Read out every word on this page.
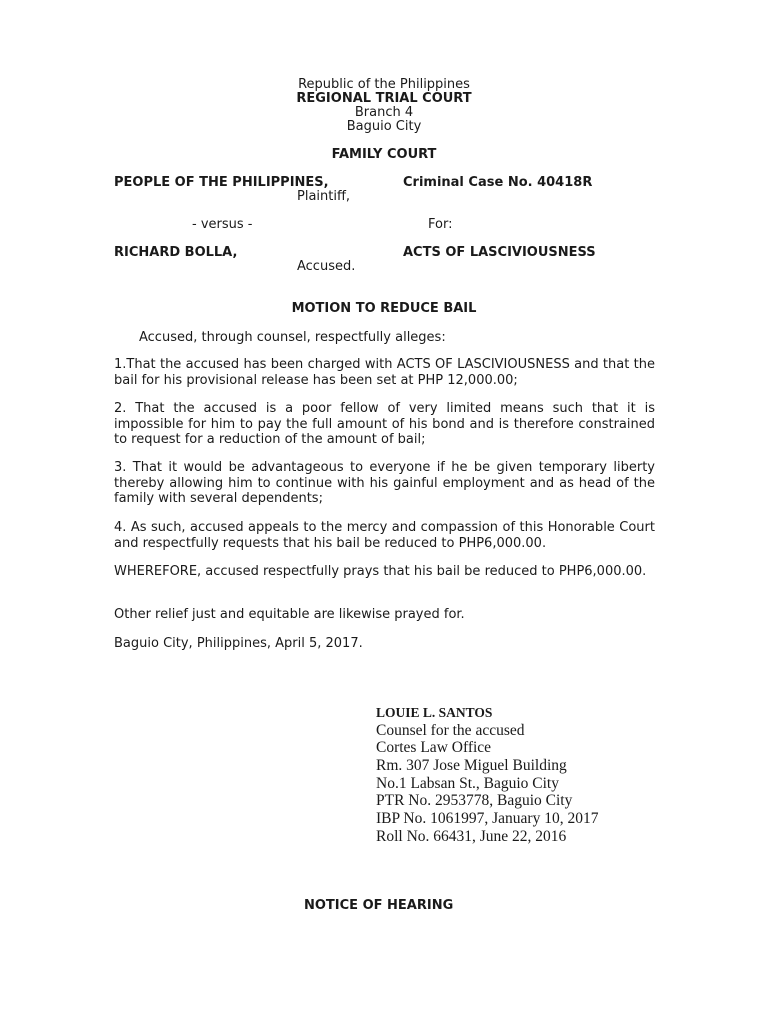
Republic of the Philippines
REGIONAL TRIAL COURT
Branch 4
Baguio City
FAMILY COURT
PEOPLE OF THE PHILIPPINES,
Plaintiff,
Criminal Case No. 40418R
- versus -	For:
RICHARD BOLLA,
Accused.
ACTS OF LASCIVIOUSNESS
MOTION TO REDUCE BAIL
Accused, through counsel, respectfully alleges:
1.That the accused has been charged with ACTS OF LASCIVIOUSNESS and that the bail for his provisional release has been set at PHP 12,000.00;
2. That the accused is a poor fellow of very limited means such that it is impossible for him to pay the full amount of his bond and is therefore constrained to request for a reduction of the amount of bail;
3. That it would be advantageous to everyone if he be given temporary liberty thereby allowing him to continue with his gainful employment and as head of the family with several dependents;
4. As such, accused appeals to the mercy and compassion of this Honorable Court and respectfully requests that his bail be reduced to PHP6,000.00.
WHEREFORE, accused respectfully prays that his bail be reduced to PHP6,000.00.
Other relief just and equitable are likewise prayed for.
Baguio City, Philippines, April 5, 2017.
LOUIE L. SANTOS
Counsel for the accused
Cortes Law Office
Rm. 307 Jose Miguel Building
No.1 Labsan St., Baguio City
PTR No. 2953778, Baguio City
IBP No. 1061997, January 10, 2017
Roll No. 66431, June 22, 2016
NOTICE OF HEARING
